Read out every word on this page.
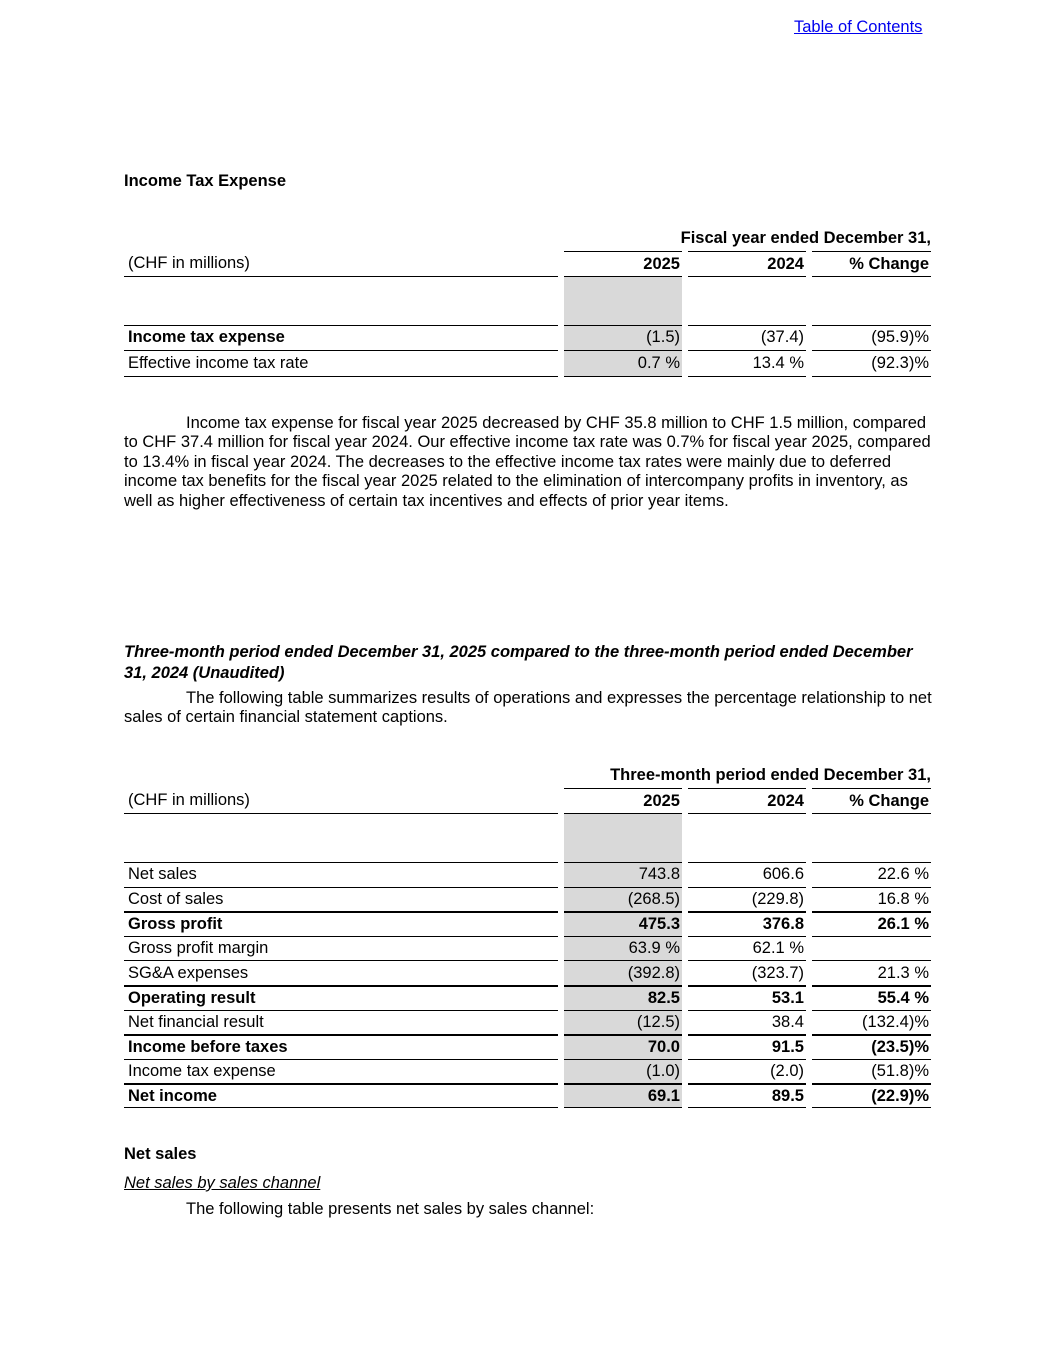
Table of Contents
Income Tax Expense
Fiscal year ended December 31,
(CHF in millions)	2025	2024	% Change
Income tax expense	(1.5)	(37.4)	(95.9)%
Effective income tax rate	0.7 %	13.4 %	(92.3)%
Income tax expense for fiscal year 2025 decreased by CHF 35.8 million to CHF 1.5 million, compared to CHF 37.4 million for fiscal year 2024. Our effective income tax rate was 0.7% for fiscal year 2025, compared to 13.4% in fiscal year 2024. The decreases to the effective income tax rates were mainly due to deferred income tax benefits for the fiscal year 2025 related to the elimination of intercompany profits in inventory, as well as higher effectiveness of certain tax incentives and effects of prior year items.
Three-month period ended December 31, 2025 compared to the three-month period ended December 31, 2024 (Unaudited)
The following table summarizes results of operations and expresses the percentage relationship to net sales of certain financial statement captions.
Three-month period ended December 31,
(CHF in millions)	2025	2024	% Change
Net sales	743.8	606.6	22.6 %
Cost of sales	(268.5)	(229.8)	16.8 %
Gross profit	475.3	376.8	26.1 %
Gross profit margin	63.9 %	62.1 %
SG&A expenses	(392.8)	(323.7)	21.3 %
Operating result	82.5	53.1	55.4 %
Net financial result	(12.5)	38.4	(132.4)%
Income before taxes	70.0	91.5	(23.5)%
Income tax expense	(1.0)	(2.0)	(51.8)%
Net income	69.1	89.5	(22.9)%
Net sales
Net sales by sales channel
The following table presents net sales by sales channel:
